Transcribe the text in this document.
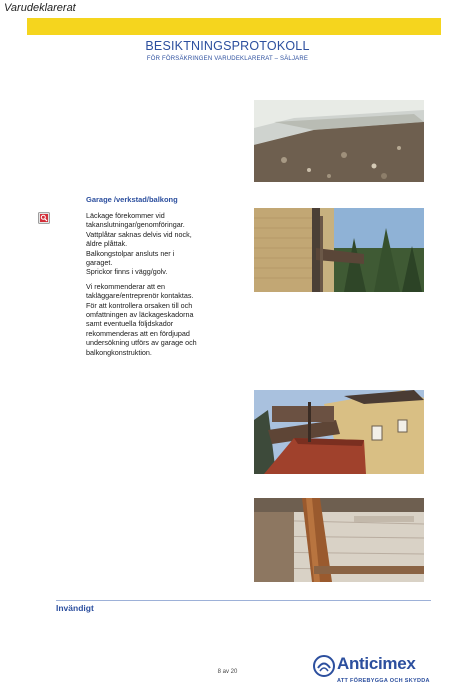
Varudeklarerat
BESIKTNINGSPROTOKOLL
FÖR FÖRSÄKRINGEN VARUDEKLARERAT – SÄLJARE
Garage /verkstad/balkong

Läckage förekommer vid
takanslutningar/genomföringar.
Vattplåtar saknas delvis vid nock,
äldre plåttak.
Balkongstolpar ansluts ner i
garaget.
Sprickor finns i vägg/golv.

Vi rekommenderar att en
takläggare/entreprenör kontaktas.
För att kontrollera orsaken till och
omfattningen av läckageskadorna
samt eventuella följdskador
rekommenderas att en fördjupad
undersökning utförs av garage och
balkongkonstruktion.

Invändigt
8 av 20	Anticimex
ATT FÖREBYGGA OCH SKYDDA
